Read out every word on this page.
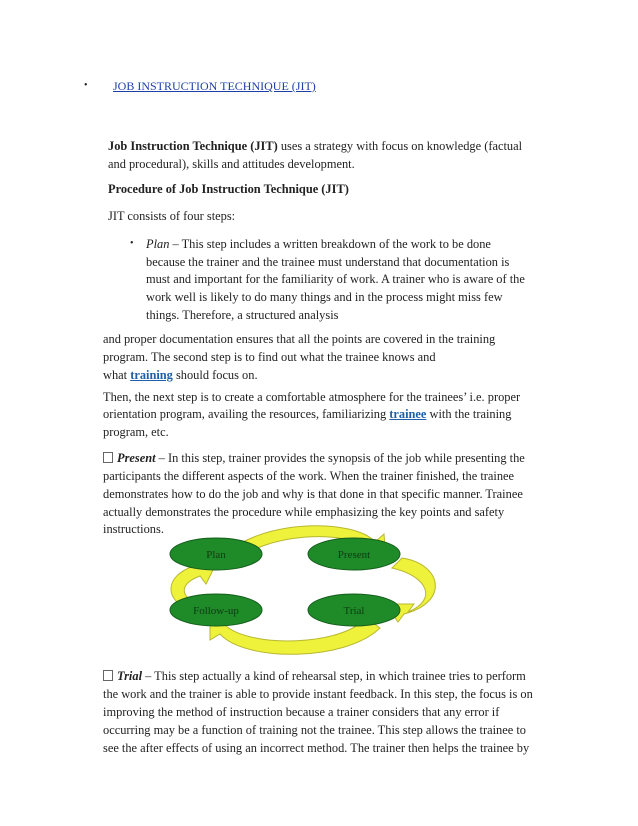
• JOB INSTRUCTION TECHNIQUE (JIT)
Job Instruction Technique (JIT) uses a strategy with focus on knowledge (factual
and procedural), skills and attitudes development.
Procedure of Job Instruction Technique (JIT)
JIT consists of four steps:
• Plan – This step includes a written breakdown of the work to be done
because the trainer and the trainee must understand that documentation is
must and important for the familiarity of work. A trainer who is aware of the
work well is likely to do many things and in the process might miss few
things. Therefore, a structured analysis
and proper documentation ensures that all the points are covered in the training
program. The second step is to find out what the trainee knows and
what training should focus on.
Then, the next step is to create a comfortable atmosphere for the trainees’ i.e. proper
orientation program, availing the resources, familiarizing trainee with the training
program, etc.
Present – In this step, trainer provides the synopsis of the job while presenting the
participants the different aspects of the work. When the trainer finished, the trainee
demonstrates how to do the job and why is that done in that specific manner. Trainee
actually demonstrates the procedure while emphasizing the key points and safety
instructions.
Plan	Present
Follow-up	Trial
Trial – This step actually a kind of rehearsal step, in which trainee tries to perform
the work and the trainer is able to provide instant feedback. In this step, the focus is on
improving the method of instruction because a trainer considers that any error if
occurring may be a function of training not the trainee. This step allows the trainee to
see the after effects of using an incorrect method. The trainer then helps the trainee by
